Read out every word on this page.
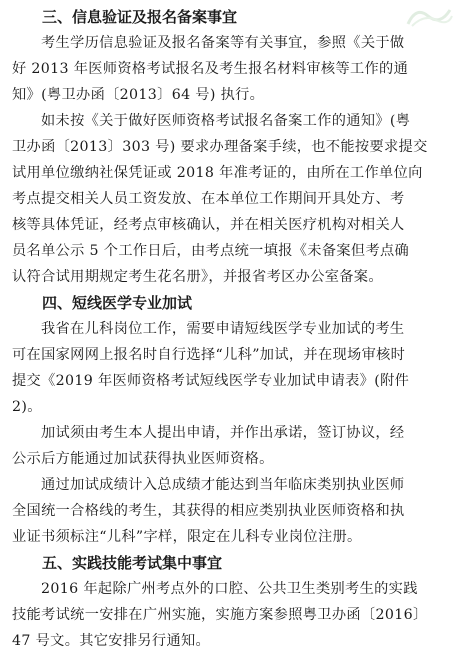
三、信息验证及报名备案事宜
考生学历信息验证及报名备案等有关事宜，参照《关于做
好 2013 年医师资格考试报名及考生报名材料审核等工作的通
知》(粤卫办函〔2013〕64 号) 执行。
如未按《关于做好医师资格考试报名备案工作的通知》(粤
卫办函〔2013〕303 号) 要求办理备案手续，也不能按要求提交
试用单位缴纳社保凭证或 2018 年准考证的，由所在工作单位向
考点提交相关人员工资发放、在本单位工作期间开具处方、考
核等具体凭证，经考点审核确认，并在相关医疗机构对相关人
员名单公示 5 个工作日后，由考点统一填报《未备案但考点确
认符合试用期规定考生花名册》，并报省考区办公室备案。
四、短线医学专业加试
我省在儿科岗位工作，需要申请短线医学专业加试的考生
可在国家网网上报名时自行选择“儿科”加试，并在现场审核时
提交《2019 年医师资格考试短线医学专业加试申请表》(附件
2)。
加试须由考生本人提出申请，并作出承诺，签订协议，经
公示后方能通过加试获得执业医师资格。
通过加试成绩计入总成绩才能达到当年临床类别执业医师
全国统一合格线的考生，其获得的相应类别执业医师资格和执
业证书须标注“儿科”字样，限定在儿科专业岗位注册。
五、实践技能考试集中事宜
2016 年起除广州考点外的口腔、公共卫生类别考生的实践
技能考试统一安排在广州实施，实施方案参照粤卫办函〔2016〕
47 号文。其它安排另行通知。
